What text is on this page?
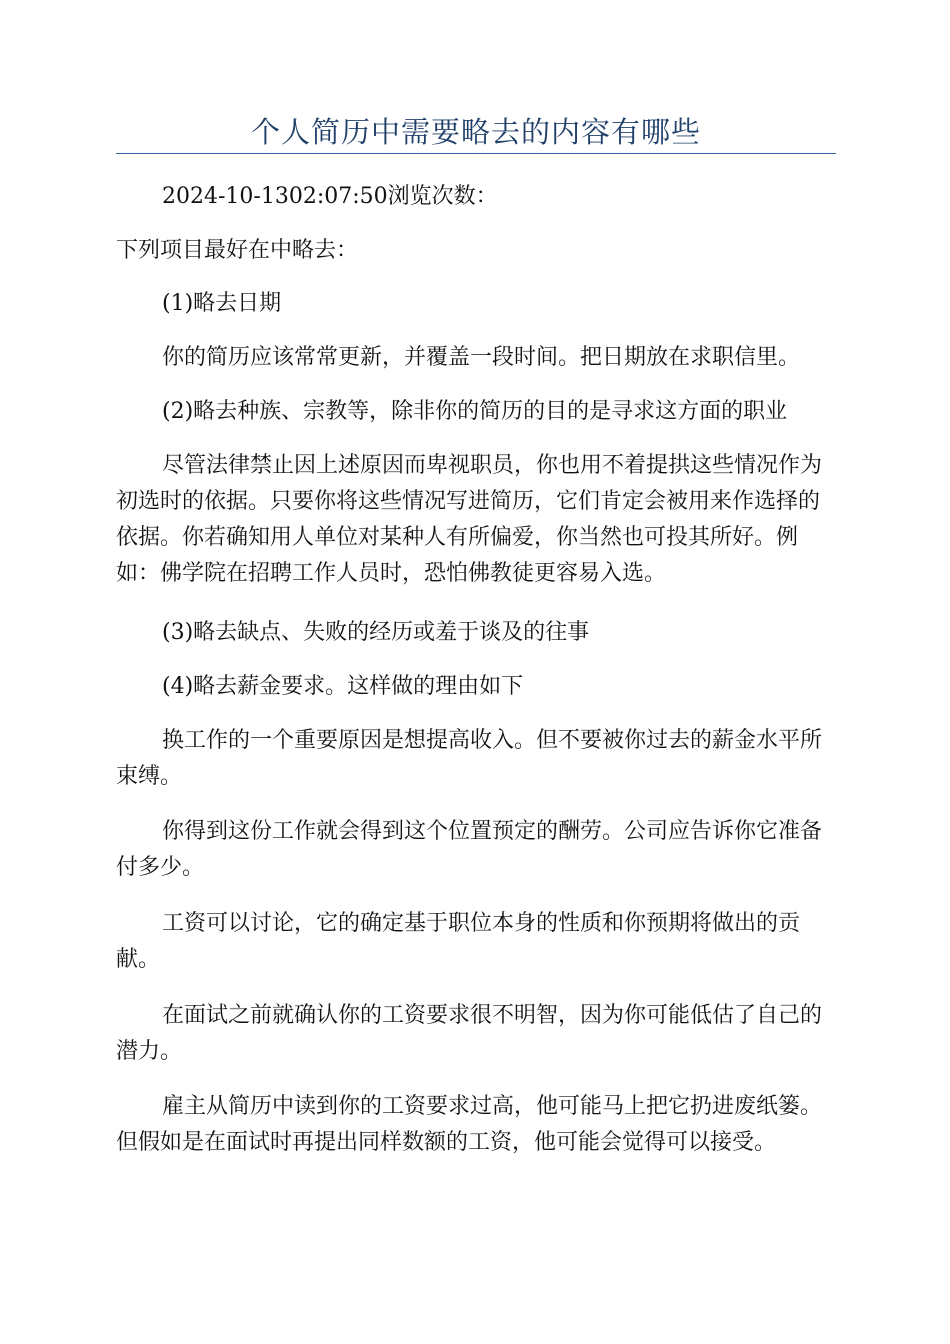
个人简历中需要略去的内容有哪些

2024-10-1302:07:50浏览次数：

下列项目最好在中略去：

(1)略去日期

你的简历应该常常更新，并覆盖一段时间。把日期放在求职信里。

(2)略去种族、宗教等，除非你的简历的目的是寻求这方面的职业

尽管法律禁止因上述原因而卑视职员，你也用不着提拱这些情况作为初选时的依据。只要你将这些情况写进简历，它们肯定会被用来作选择的依据。你若确知用人单位对某种人有所偏爱，你当然也可投其所好。例如：佛学院在招聘工作人员时，恐怕佛教徒更容易入选。

(3)略去缺点、失败的经历或羞于谈及的往事

(4)略去薪金要求。这样做的理由如下

换工作的一个重要原因是想提高收入。但不要被你过去的薪金水平所束缚。

你得到这份工作就会得到这个位置预定的酬劳。公司应告诉你它准备付多少。

工资可以讨论，它的确定基于职位本身的性质和你预期将做出的贡献。

在面试之前就确认你的工资要求很不明智，因为你可能低估了自己的潜力。

雇主从简历中读到你的工资要求过高，他可能马上把它扔进废纸篓。但假如是在面试时再提出同样数额的工资，他可能会觉得可以接受。
